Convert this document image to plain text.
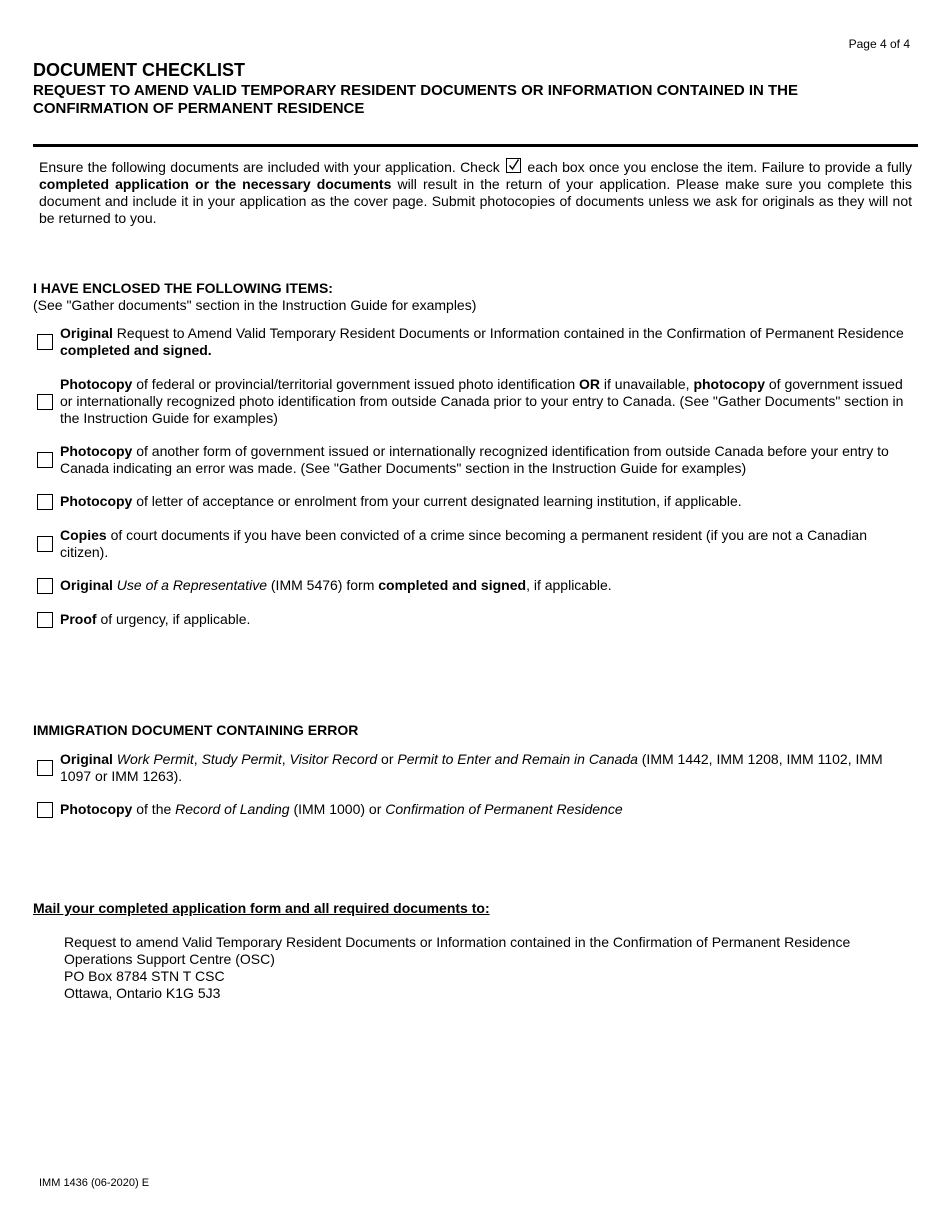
Page 4 of 4
DOCUMENT CHECKLIST
REQUEST TO AMEND VALID TEMPORARY RESIDENT DOCUMENTS OR INFORMATION CONTAINED IN THE CONFIRMATION OF PERMANENT RESIDENCE
Ensure the following documents are included with your application. Check each box once you enclose the item. Failure to provide a fully completed application or the necessary documents will result in the return of your application. Please make sure you complete this document and include it in your application as the cover page. Submit photocopies of documents unless we ask for originals as they will not be returned to you.
I HAVE ENCLOSED THE FOLLOWING ITEMS:
(See "Gather documents" section in the Instruction Guide for examples)
Original Request to Amend Valid Temporary Resident Documents or Information contained in the Confirmation of Permanent Residence completed and signed.
Photocopy of federal or provincial/territorial government issued photo identification OR if unavailable, photocopy of government issued or internationally recognized photo identification from outside Canada prior to your entry to Canada. (See "Gather Documents" section in the Instruction Guide for examples)
Photocopy of another form of government issued or internationally recognized identification from outside Canada before your entry to Canada indicating an error was made. (See "Gather Documents" section in the Instruction Guide for examples)
Photocopy of letter of acceptance or enrolment from your current designated learning institution, if applicable.
Copies of court documents if you have been convicted of a crime since becoming a permanent resident (if you are not a Canadian citizen).
Original Use of a Representative (IMM 5476) form completed and signed, if applicable.
Proof of urgency, if applicable.
IMMIGRATION DOCUMENT CONTAINING ERROR
Original Work Permit, Study Permit, Visitor Record or Permit to Enter and Remain in Canada (IMM 1442, IMM 1208, IMM 1102, IMM 1097 or IMM 1263).
Photocopy of the Record of Landing (IMM 1000) or Confirmation of Permanent Residence
Mail your completed application form and all required documents to:
Request to amend Valid Temporary Resident Documents or Information contained in the Confirmation of Permanent Residence
Operations Support Centre (OSC)
PO Box 8784 STN T CSC
Ottawa, Ontario K1G 5J3
IMM 1436 (06-2020) E
